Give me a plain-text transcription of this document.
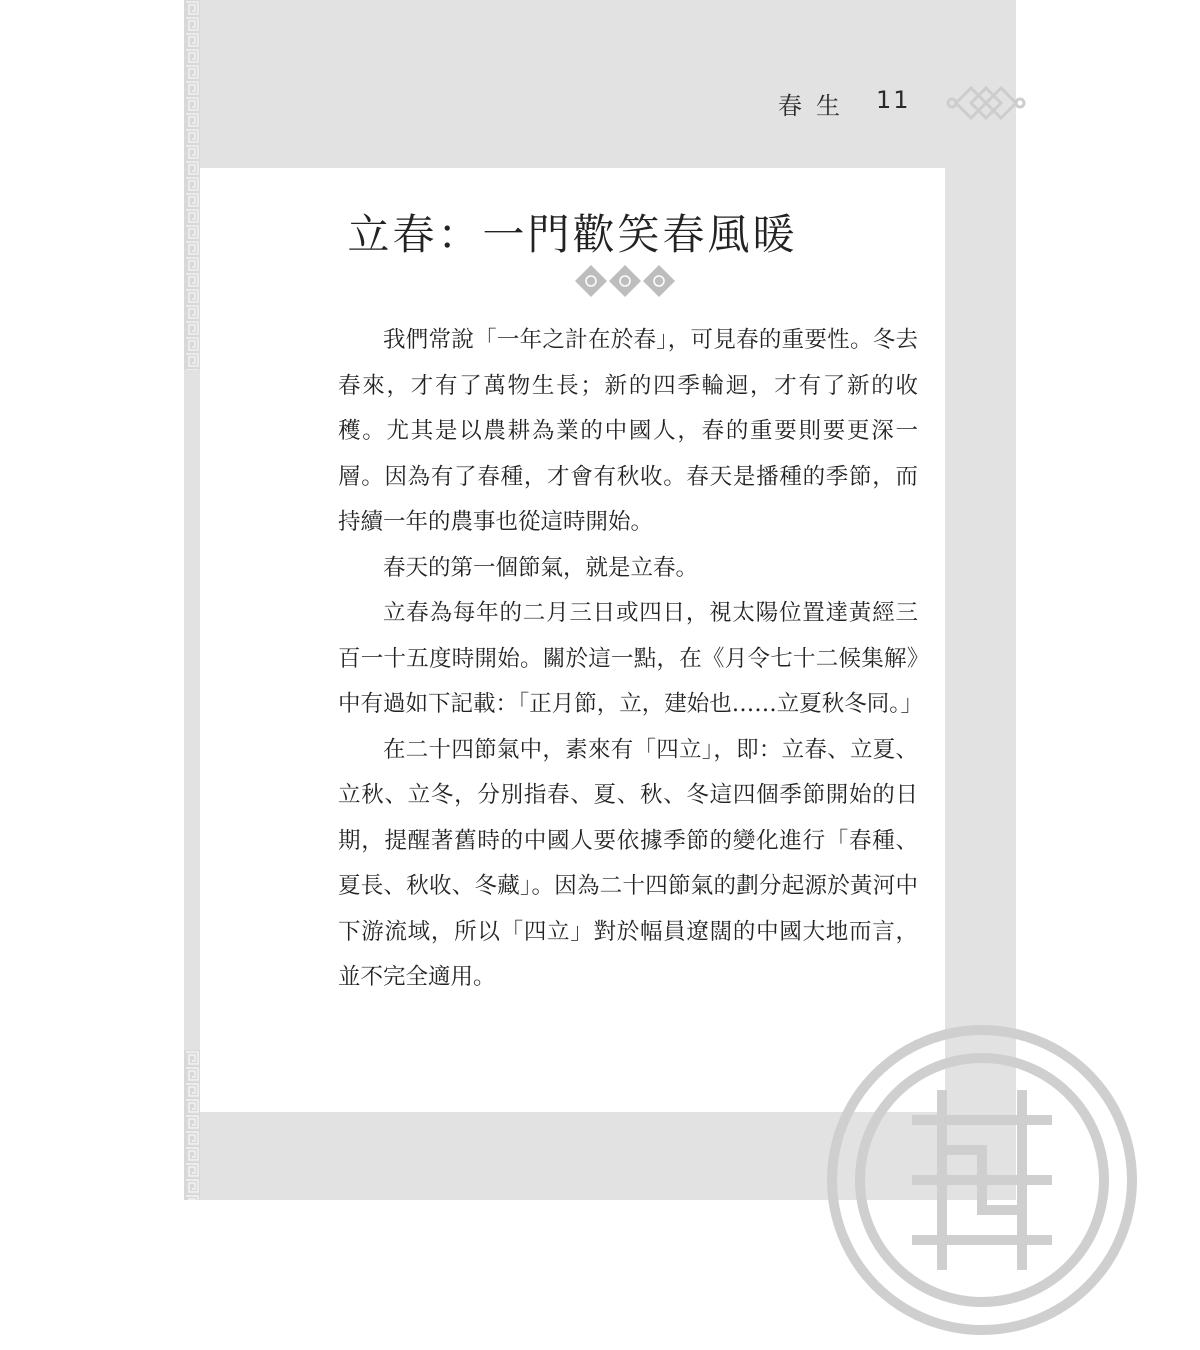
春生 11
立春：一門歡笑春風暖

我們常說「一年之計在於春」，可見春的重要性。冬去春來，才有了萬物生長；新的四季輪迴，才有了新的收穫。尤其是以農耕為業的中國人，春的重要則要更深一層。因為有了春種，才會有秋收。春天是播種的季節，而持續一年的農事也從這時開始。

春天的第一個節氣，就是立春。

立春為每年的二月三日或四日，視太陽位置達黃經三百一十五度時開始。關於這一點，在《月令七十二候集解》中有過如下記載：「正月節，立，建始也……立夏秋冬同。」

在二十四節氣中，素來有「四立」，即：立春、立夏、立秋、立冬，分別指春、夏、秋、冬這四個季節開始的日期，提醒著舊時的中國人要依據季節的變化進行「春種、夏長、秋收、冬藏」。因為二十四節氣的劃分起源於黃河中下游流域，所以「四立」對於幅員遼闊的中國大地而言，並不完全適用。
